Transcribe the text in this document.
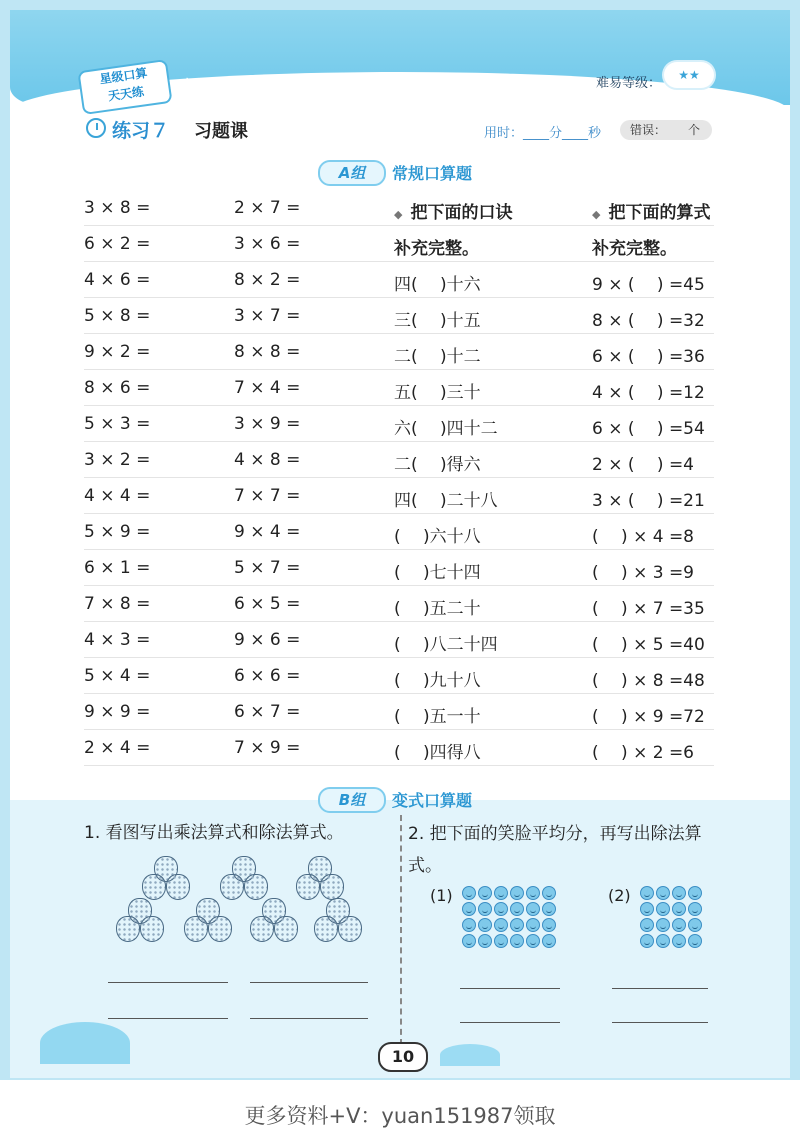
星级口算
天天练	二年级数学下（R版）	难易等级：
★★
练习７ 习题课	用时：____分____秒 错误： 个
A组	常规口算题
3 × 8 =	2 × 7 =	◆ 把下面的口诀	◆ 把下面的算式
6 × 2 =	3 × 6 =	补充完整。	补充完整。
4 × 6 =	8 × 2 =	四(　 )十六	9 × (　 ) =45
5 × 8 =	3 × 7 =	三(　 )十五	8 × (　 ) =32
9 × 2 =	8 × 8 =	二(　 )十二	6 × (　 ) =36
8 × 6 =	7 × 4 =	五(　 )三十	4 × (　 ) =12
5 × 3 =	3 × 9 =	六(　 )四十二	6 × (　 ) =54
3 × 2 =	4 × 8 =	二(　 )得六	2 × (　 ) =4
4 × 4 =	7 × 7 =	四(　 )二十八	3 × (　 ) =21
5 × 9 =	9 × 4 =	(　 )六十八	(　 ) × 4 =8
6 × 1 =	5 × 7 =	(　 )七十四	(　 ) × 3 =9
7 × 8 =	6 × 5 =	(　 )五二十	(　 ) × 7 =35
4 × 3 =	9 × 6 =	(　 )八二十四	(　 ) × 5 =40
5 × 4 =	6 × 6 =	(　 )九十八	(　 ) × 8 =48
9 × 9 =	6 × 7 =	(　 )五一十	(　 ) × 9 =72
2 × 4 =	7 × 9 =	(　 )四得八	(　 ) × 2 =6
B组	变式口算题
1. 看图写出乘法算式和除法算式。	2. 把下面的笑脸平均分，再写出除法算式。
(1)	(2)
10
更多资料+V：yuan151987领取
